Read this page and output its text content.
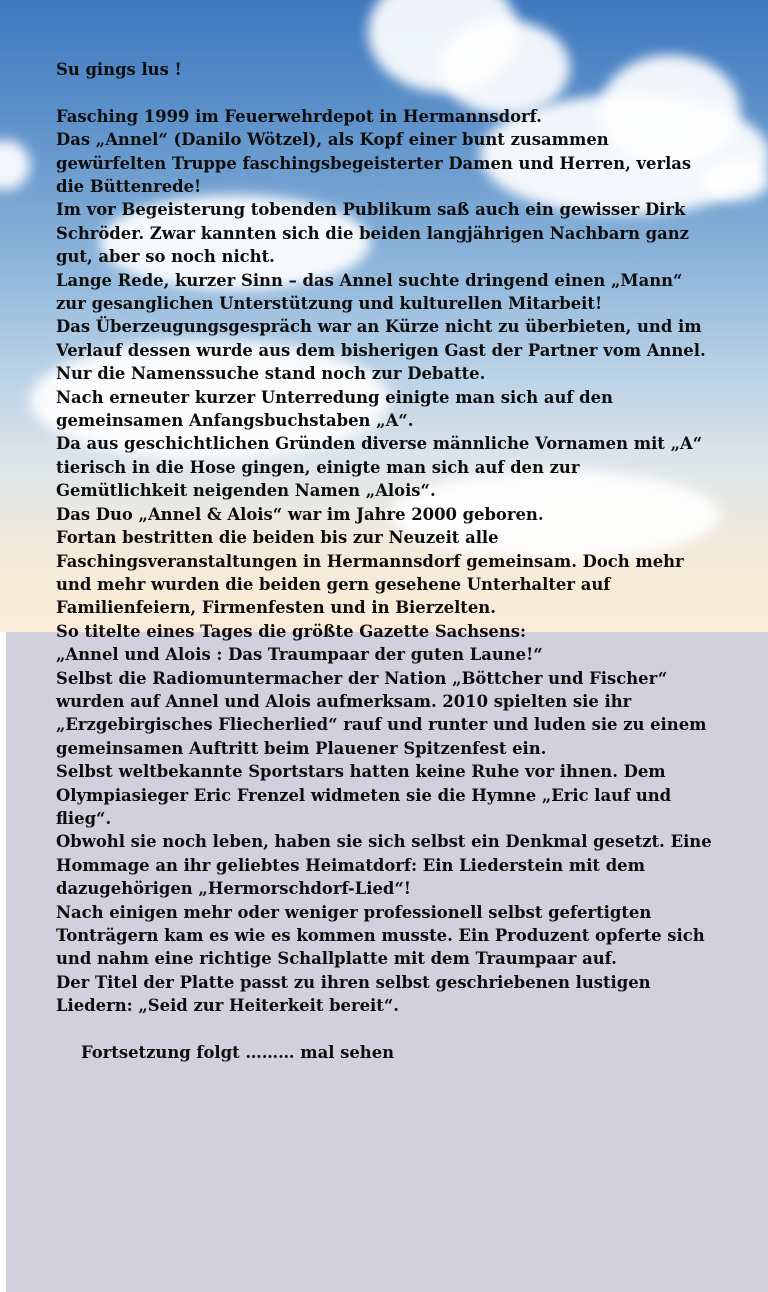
Su gings lus !
Fasching 1999 im Feuerwehrdepot in Hermannsdorf.
Das „Annel“ (Danilo Wötzel), als Kopf einer bunt zusammen
gewürfelten Truppe faschingsbegeisterter Damen und Herren, verlas
die Büttenrede!
Im vor Begeisterung tobenden Publikum saß auch ein gewisser Dirk
Schröder. Zwar kannten sich die beiden langjährigen Nachbarn ganz
gut, aber so noch nicht.
Lange Rede, kurzer Sinn – das Annel suchte dringend einen „Mann“
zur gesanglichen Unterstützung und kulturellen Mitarbeit!
Das Überzeugungsgespräch war an Kürze nicht zu überbieten, und im
Verlauf dessen wurde aus dem bisherigen Gast der Partner vom Annel.
Nur die Namenssuche stand noch zur Debatte.
Nach erneuter kurzer Unterredung einigte man sich auf den
gemeinsamen Anfangsbuchstaben „A“.
Da aus geschichtlichen Gründen diverse männliche Vornamen mit „A“
tierisch in die Hose gingen, einigte man sich auf den zur
Gemütlichkeit neigenden Namen „Alois“.
Das Duo „Annel & Alois“ war im Jahre 2000 geboren.
Fortan bestritten die beiden bis zur Neuzeit alle
Faschingsveranstaltungen in Hermannsdorf gemeinsam. Doch mehr
und mehr wurden die beiden gern gesehene Unterhalter auf
Familienfeiern, Firmenfesten und in Bierzelten.
So titelte eines Tages die größte Gazette Sachsens:
„Annel und Alois : Das Traumpaar der guten Laune!“
Selbst die Radiomuntermacher der Nation „Böttcher und Fischer“
wurden auf Annel und Alois aufmerksam. 2010 spielten sie ihr
„Erzgebirgisches Fliecherlied“ rauf und runter und luden sie zu einem
gemeinsamen Auftritt beim Plauener Spitzenfest ein.
Selbst weltbekannte Sportstars hatten keine Ruhe vor ihnen. Dem
Olympiasieger Eric Frenzel widmeten sie die Hymne „Eric lauf und
flieg“.
Obwohl sie noch leben, haben sie sich selbst ein Denkmal gesetzt. Eine
Hommage an ihr geliebtes Heimatdorf: Ein Liederstein mit dem
dazugehörigen „Hermorschdorf-Lied“!
Nach einigen mehr oder weniger professionell selbst gefertigten
Tonträgern kam es wie es kommen musste. Ein Produzent opferte sich
und nahm eine richtige Schallplatte mit dem Traumpaar auf.
Der Titel der Platte passt zu ihren selbst geschriebenen lustigen
Liedern: „Seid zur Heiterkeit bereit“.
Fortsetzung folgt ……… mal sehen
